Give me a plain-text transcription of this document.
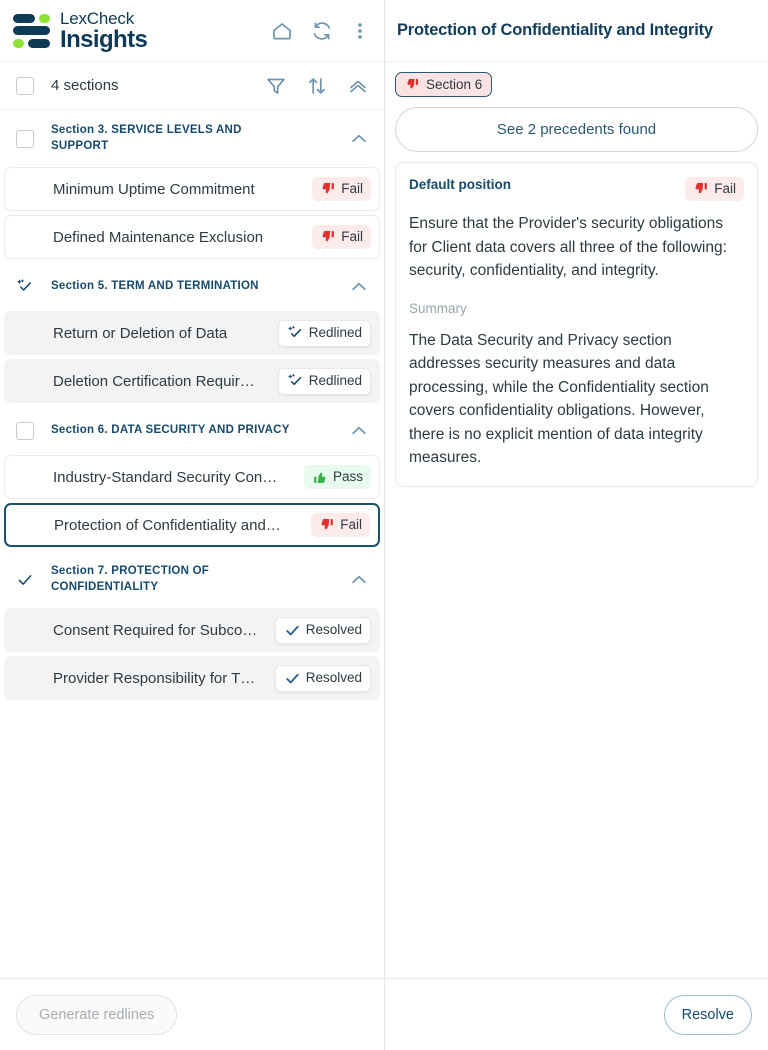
LexCheck
Insights
4 sections
Section 3. SERVICE LEVELS AND SUPPORT
Minimum Uptime Commitment	Fail
Defined Maintenance Exclusion	Fail
Section 5. TERM AND TERMINATION
Return or Deletion of Data	Redlined
Deletion Certification Requir…	Redlined
Section 6. DATA SECURITY AND PRIVACY
Industry-Standard Security Con…	Pass
Protection of Confidentiality and…	Fail
Section 7. PROTECTION OF CONFIDENTIALITY
Consent Required for Subco…	Resolved
Provider Responsibility for T…	Resolved
Generate redlines
Protection of Confidentiality and Integrity
Section 6
See 2 precedents found
Default position	Fail
Ensure that the Provider's security obligations for Client data covers all three of the following: security, confidentiality, and integrity.
Summary
The Data Security and Privacy section addresses security measures and data processing, while the Confidentiality section covers confidentiality obligations. However, there is no explicit mention of data integrity measures.
Resolve
